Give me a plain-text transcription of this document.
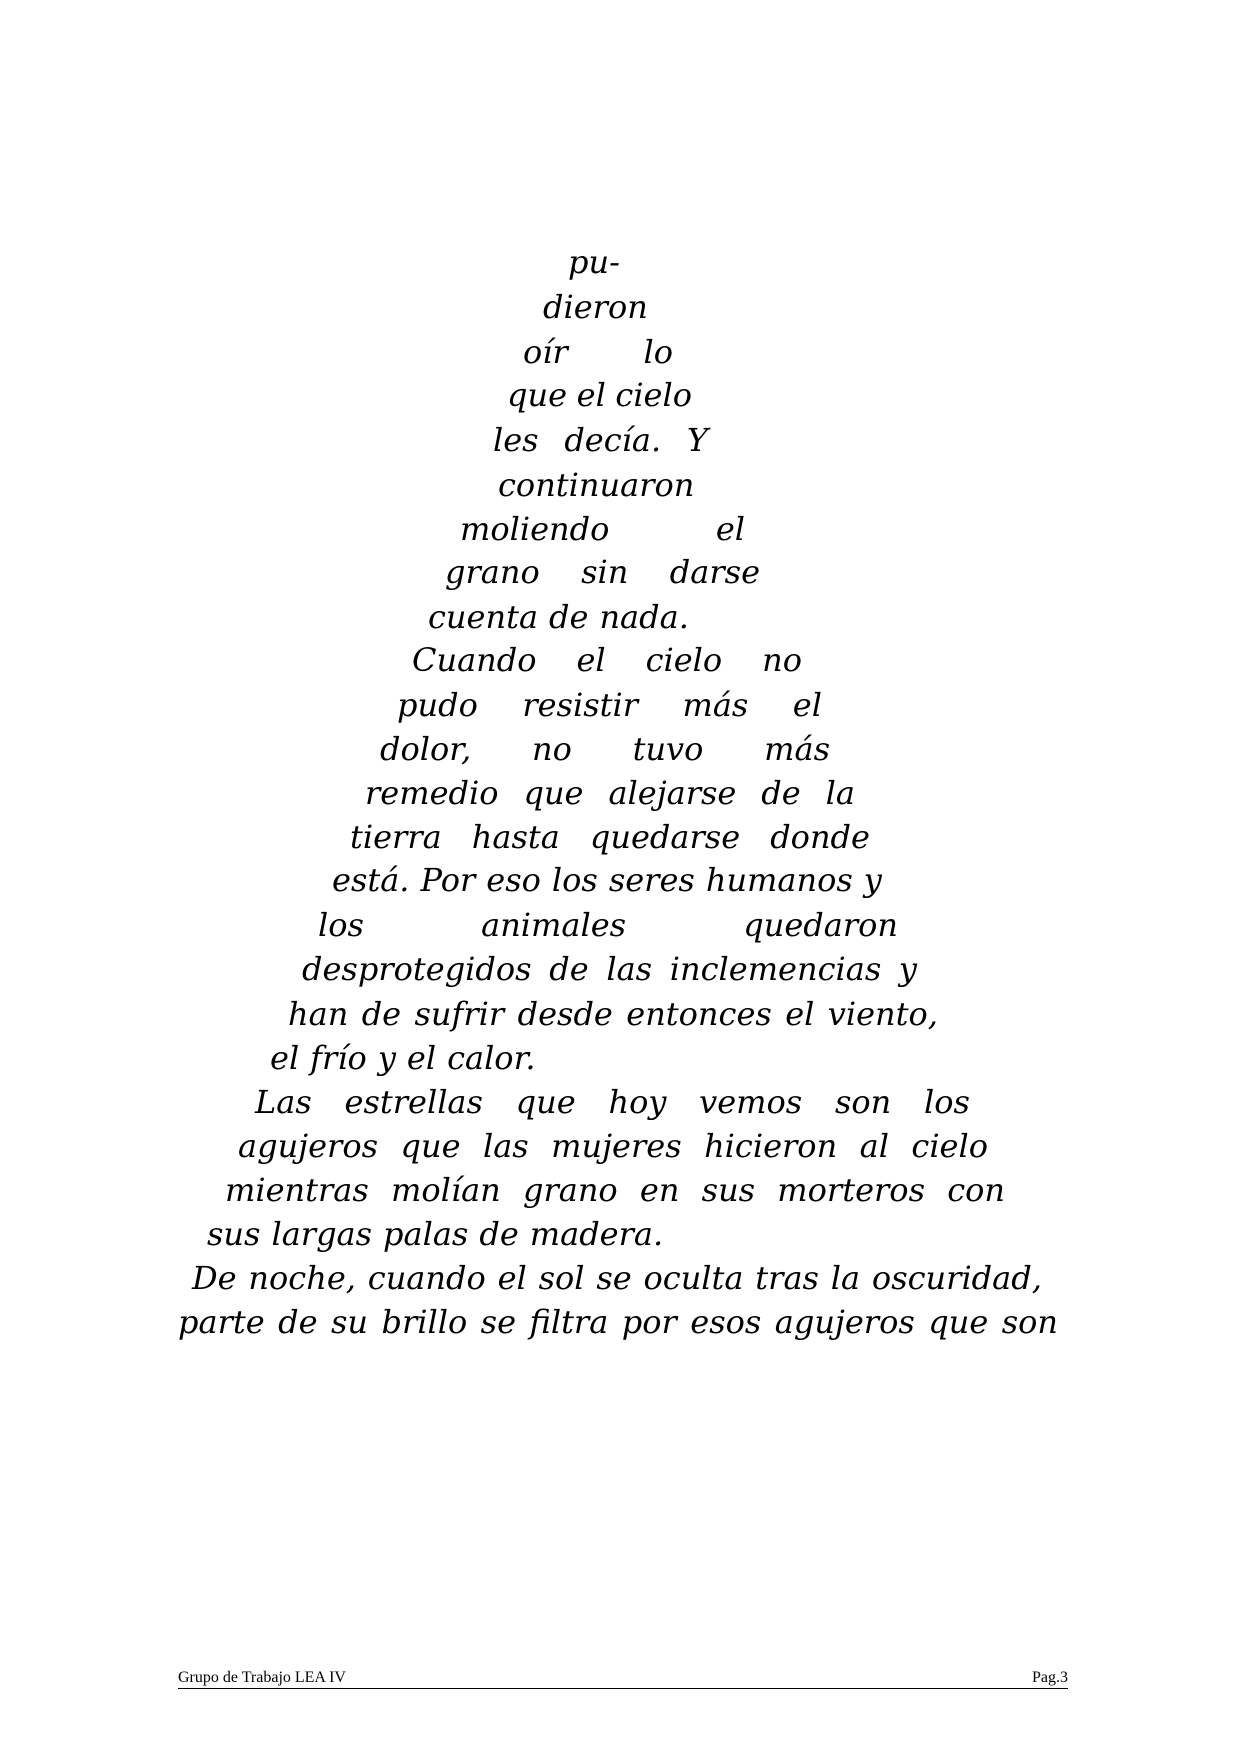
pu-
dieron
oír lo
que el cielo
les decía. Y
continuaron
moliendo	el
grano sin darse
cuenta de nada.
Cuando el cielo no
pudo resistir más el
dolor, no tuvo más
remedio que alejarse de la
tierra hasta quedarse donde
está. Por eso los seres humanos y
los	animales	quedaron
desprotegidos de las inclemencias y
han de sufrir desde entonces el viento,
el frío y el calor.
Las estrellas que hoy vemos son los
agujeros que las mujeres hicieron al cielo
mientras molían grano en sus morteros con
sus largas palas de madera.
De noche, cuando el sol se oculta tras la oscuridad,
parte de su brillo se filtra por esos agujeros que son
Grupo de Trabajo LEA IV	Pag.3
